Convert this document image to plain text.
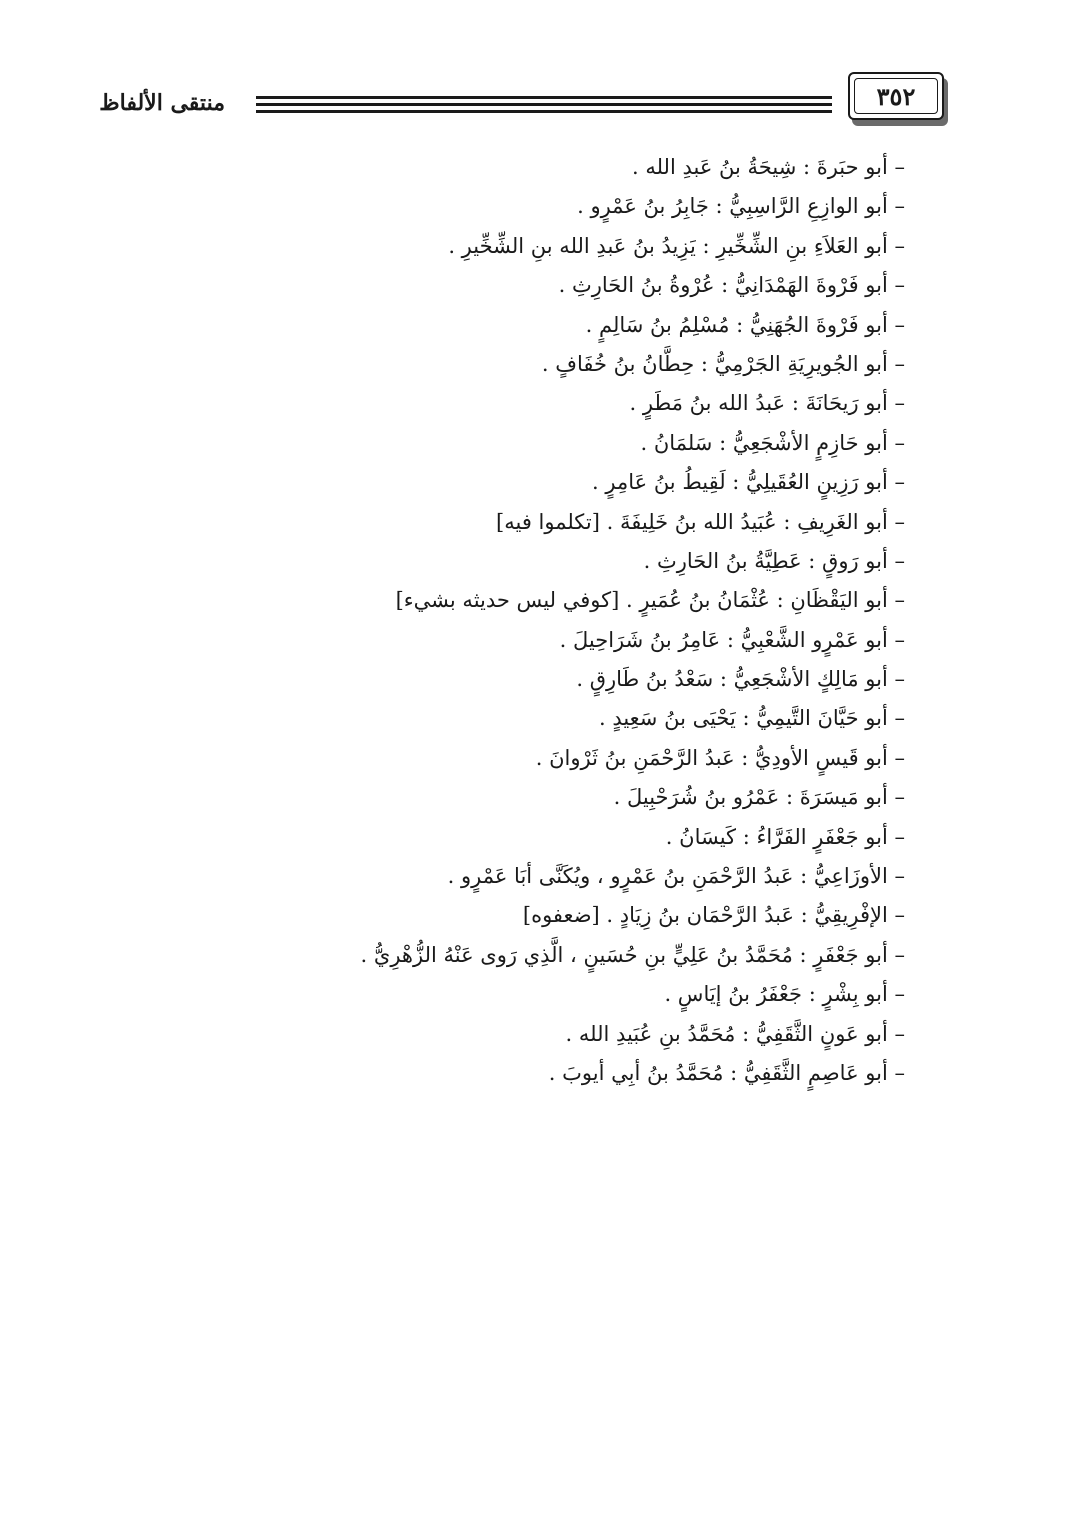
منتقى الألفاظ	٣٥٢
– أبو حبَرةَ : شِيحَةُ بنُ عَبدِ الله .
– أبو الوازِعِ الرَّاسِبِيُّ : جَابِرُ بنُ عَمْرٍو .
– أبو العَلاَءِ بنِ الشِّخِّيرِ : يَزِيدُ بنُ عَبدِ الله بنِ الشِّخِّيرِ .
– أبو فَرْوةَ الهَمْدَانِيُّ : عُرْوةُ بنُ الحَارِثِ .
– أبو فَرْوةَ الجُهَنِيُّ : مُسْلِمُ بنُ سَالِمٍ .
– أبو الجُويرِيَةِ الجَرْمِيُّ : حِطَّانُ بنُ خُفَافٍ .
– أبو رَيحَانَةَ : عَبدُ الله بنُ مَطَرٍ .
– أبو حَازِمٍ الأشْجَعِيُّ : سَلمَانُ .
– أبو رَزِينٍ العُقَيلِيُّ : لَقِيطُ بنُ عَامِرٍ .
– أبو الغَرِيفِ : عُبَيدُ الله بنُ خَلِيفَةَ . [تكلموا فيه]
– أبو رَوقٍ : عَطِيَّةُ بنُ الحَارِثِ .
– أبو اليَقْظَانِ : عُثْمَانُ بنُ عُمَيرٍ . [كوفي ليس حديثه بشيء]
– أبو عَمْرٍو الشَّعْبِيُّ : عَامِرُ بنُ شَرَاحِيلَ .
– أبو مَالِكٍ الأشْجَعِيُّ : سَعْدُ بنُ طَارِقٍ .
– أبو حَيَّانَ التَّيمِيُّ : يَحْيَى بنُ سَعِيدٍ .
– أبو قَيسٍ الأودِيُّ : عَبدُ الرَّحْمَنِ بنُ ثَرْوانَ .
– أبو مَيسَرَةَ : عَمْرُو بنُ شُرَحْبِيلَ .
– أبو جَعْفَرٍ الفَرَّاءُ : كَيسَانُ .
– الأوزَاعِيُّ : عَبدُ الرَّحْمَنِ بنُ عَمْرٍو ، ويُكَنَّى أبَا عَمْرٍو .
– الإفْرِيقِيُّ : عَبدُ الرَّحْمَان بنُ زِيَادٍ . [ضعفوه]
– أبو جَعْفَرٍ : مُحَمَّدُ بنُ عَلِيٍّ بنِ حُسَينٍ ، الَّذِي رَوى عَنْهُ الزُّهْرِيُّ .
– أبو بِشْرٍ : جَعْفَرُ بنُ إيَاسٍ .
– أبو عَونٍ الثَّقَفِيُّ : مُحَمَّدُ بنِ عُبَيدِ الله .
– أبو عَاصِمٍ الثَّقَفِيُّ : مُحَمَّدُ بنُ أبِي أيوبَ .
